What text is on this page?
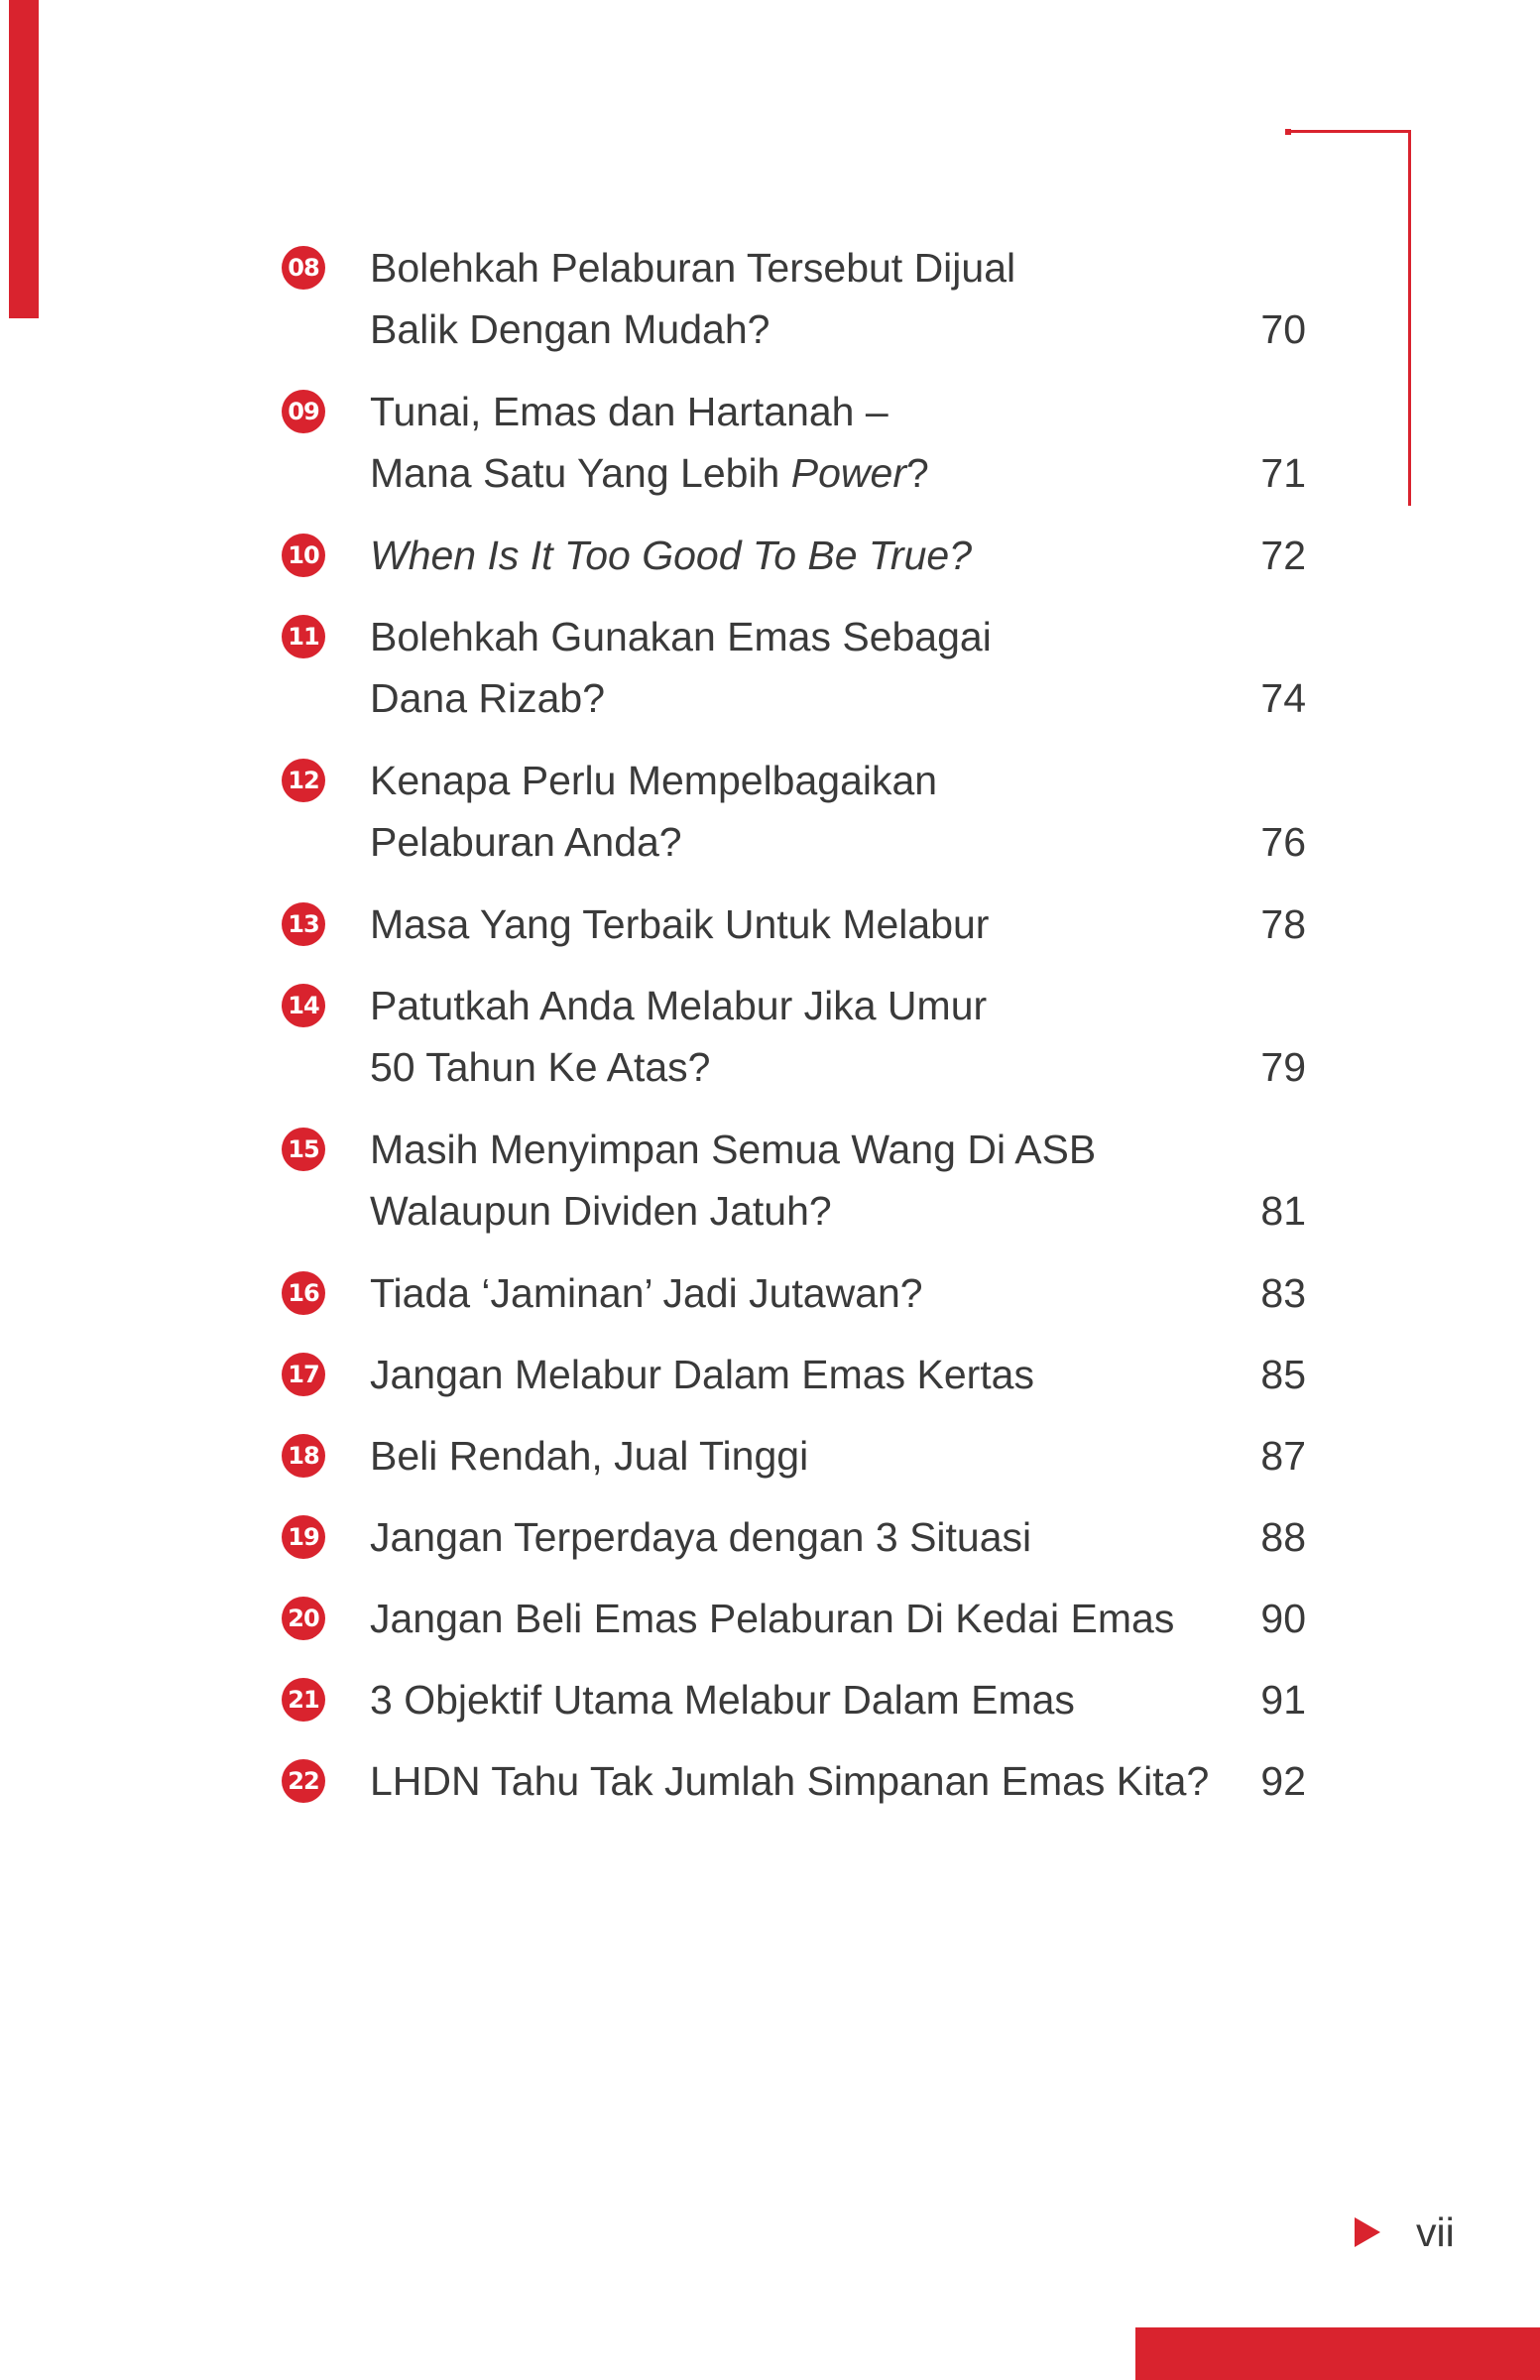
08 Bolehkah Pelaburan Tersebut Dijual
Balik Dengan Mudah?	70
09 Tunai, Emas dan Hartanah –
Mana Satu Yang Lebih Power?	71
10 When Is It Too Good To Be True?	72
11 Bolehkah Gunakan Emas Sebagai
Dana Rizab?	74
12 Kenapa Perlu Mempelbagaikan
Pelaburan Anda?	76
13 Masa Yang Terbaik Untuk Melabur	78
14 Patutkah Anda Melabur Jika Umur
50 Tahun Ke Atas?	79
15 Masih Menyimpan Semua Wang Di ASB
Walaupun Dividen Jatuh?	81
16 Tiada ‘Jaminan’ Jadi Jutawan?	83
17 Jangan Melabur Dalam Emas Kertas	85
18 Beli Rendah, Jual Tinggi	87
19 Jangan Terperdaya dengan 3 Situasi	88
20 Jangan Beli Emas Pelaburan Di Kedai Emas 90
21 3 Objektif Utama Melabur Dalam Emas	91
22 LHDN Tahu Tak Jumlah Simpanan Emas Kita? 92
vii
